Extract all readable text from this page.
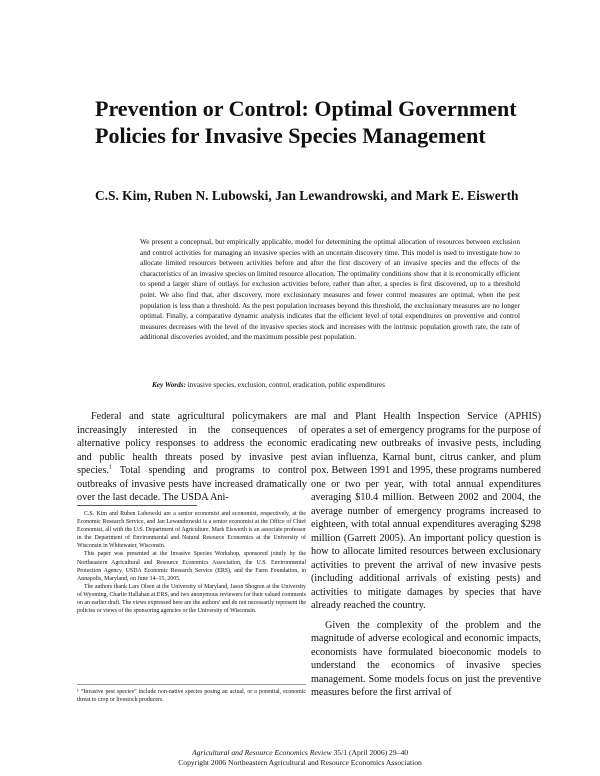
Prevention or Control: Optimal Government Policies for Invasive Species Management

C.S. Kim, Ruben N. Lubowski, Jan Lewandrowski, and Mark E. Eiswerth

We present a conceptual, but empirically applicable, model for determining the optimal allocation of resources between exclusion and control activities for managing an invasive species with an uncertain discovery time. This model is used to investigate how to allocate limited resources between activities before and after the first discovery of an invasive species and the effects of the characteristics of an invasive species on limited resource allocation. The optimality conditions show that it is economically efficient to spend a larger share of outlays for exclusion activities before, rather than after, a species is first discovered, up to a threshold point. We also find that, after discovery, more exclusionary measures and fewer control measures are optimal, when the pest population is less than a threshold. As the pest population increases beyond this threshold, the exclusionary measures are no longer optimal. Finally, a comparative dynamic analysis indicates that the efficient level of total expenditures on preventive and control measures decreases with the level of the invasive species stock and increases with the intrinsic population growth rate, the rate of additional discoveries avoided, and the maximum possible pest population.

Key Words: invasive species, exclusion, control, eradication, public expenditures

Federal and state agricultural policymakers are increasingly interested in the consequences of alternative policy responses to address the economic and public health threats posed by invasive pest species.$^1$ Total spending and programs to control outbreaks of invasive pests have increased dramatically over the last decade. The USDA Ani-

C.S. Kim and Ruben Lubowski are a senior economist and economist, respectively, at the Economic Research Service, and Jan Lewandrowski is a senior economist at the Office of Chief Economist, all with the U.S. Department of Agriculture. Mark Eiswerth is an associate professor in the Department of Environmental and Natural Resource Economics at the University of Wisconsin in Whitewater, Wisconsin.

This paper was presented at the Invasive Species Workshop, sponsored jointly by the Northeastern Agricultural and Resource Economics Association, the U.S. Environmental Protection Agency, USDA Economic Research Service (ERS), and the Farm Foundation, in Annapolis, Maryland, on June 14–15, 2005.

The authors thank Lars Olsen at the University of Maryland, Jason Shogren at the University of Wyoming, Charlie Hallahan at ERS, and two anonymous reviewers for their valued comments on an earlier draft. The views expressed here are the authors' and do not necessarily represent the policies or views of the sponsoring agencies or the University of Wisconsin.

¹ “Invasive pest species” include non-native species posing an actual, or a potential, economic threat to crop or livestock producers.

mal and Plant Health Inspection Service (APHIS) operates a set of emergency programs for the purpose of eradicating new outbreaks of invasive pests, including avian influenza, Karnal bunt, citrus canker, and plum pox. Between 1991 and 1995, these programs numbered one or two per year, with total annual expenditures averaging $10.4 million. Between 2002 and 2004, the average number of emergency programs increased to eighteen, with total annual expenditures averaging $298 million (Garrett 2005). An important policy question is how to allocate limited resources between exclusionary activities to prevent the arrival of new invasive pests (including additional arrivals of existing pests) and activities to mitigate damages by species that have already reached the country.

Given the complexity of the problem and the magnitude of adverse ecological and economic impacts, economists have formulated bioeconomic models to understand the economics of invasive species management. Some models focus on just the preventive measures before the first arrival of

Agricultural and Resource Economics Review 35/1 (April 2006) 29–40

Copyright 2006 Northeastern Agricultural and Resource Economics Association
